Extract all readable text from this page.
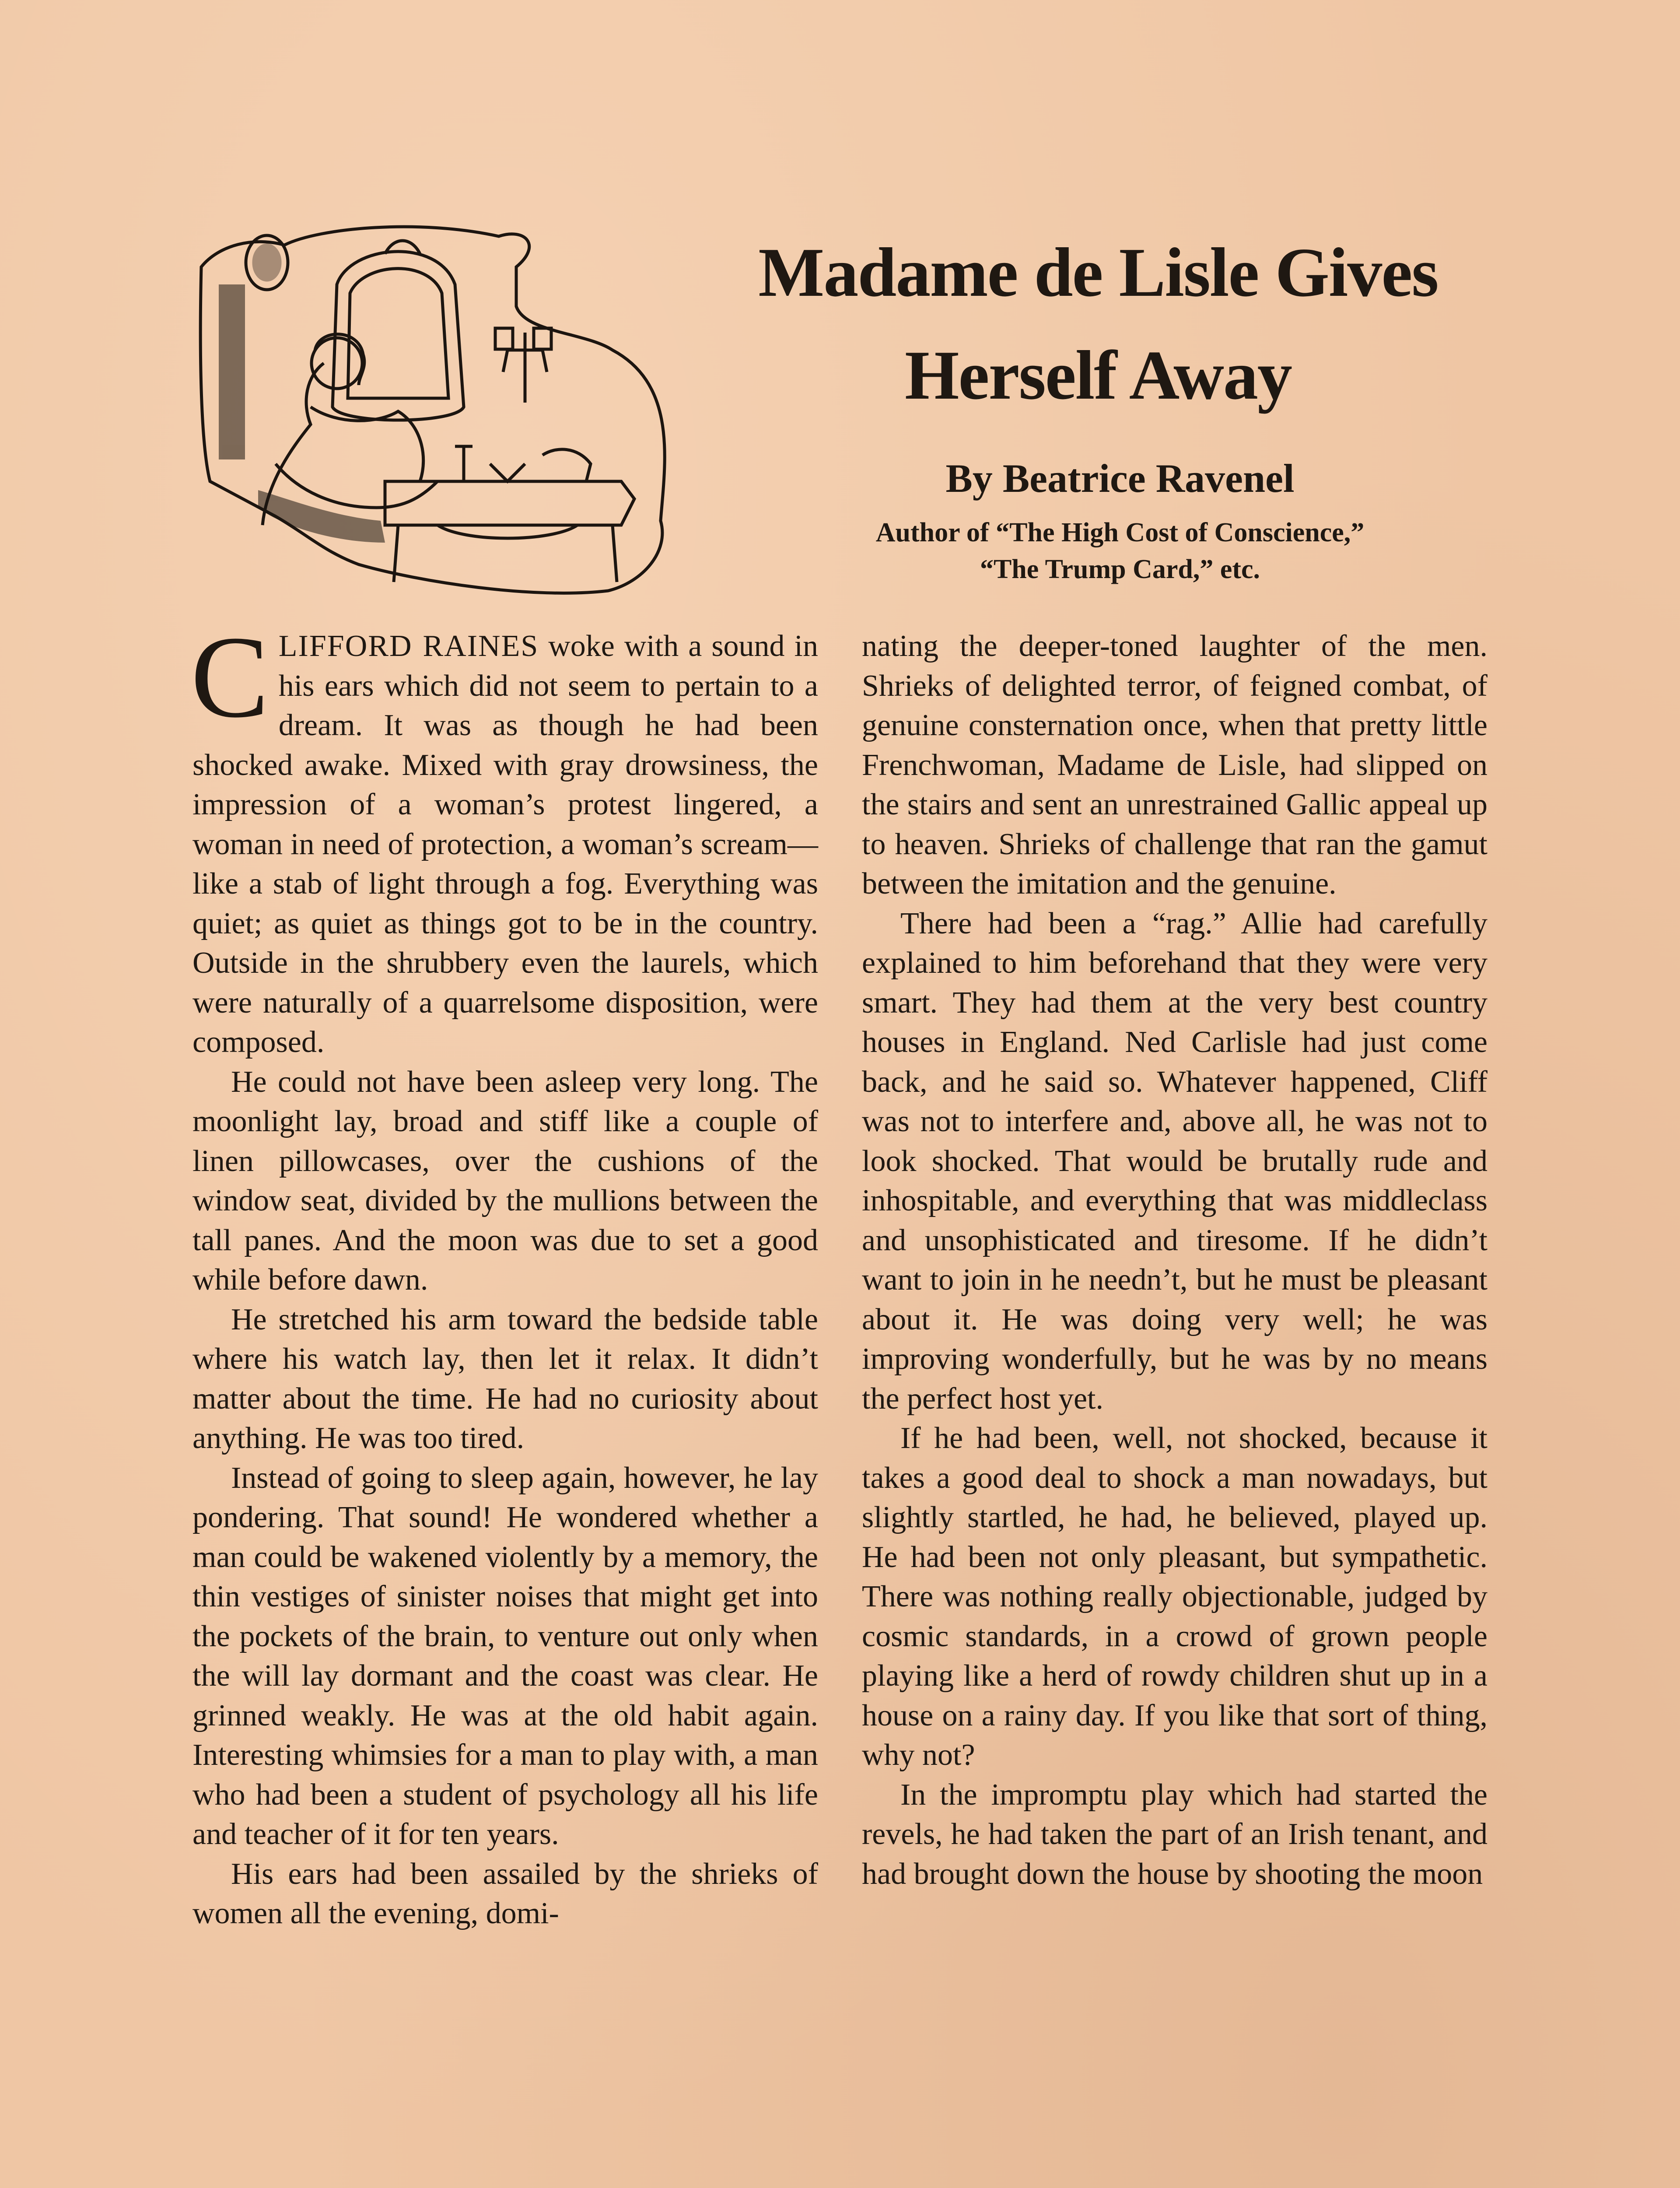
Madame de Lisle Gives
Herself Away
By Beatrice Ravenel
Author of “The High Cost of Conscience,”
“The Trump Card,” etc.

CLIFFORD RAINES woke with a sound in his ears which did not seem to pertain to a dream. It was as though he had been shocked awake. Mixed with gray drowsiness, the impression of a woman’s protest lingered, a woman in need of protection, a woman’s scream—like a stab of light through a fog. Everything was quiet; as quiet as things got to be in the country. Outside in the shrubbery even the laurels, which were naturally of a quarrelsome disposition, were composed.

He could not have been asleep very long. The moonlight lay, broad and stiff like a couple of linen pillowcases, over the cushions of the window seat, divided by the mullions between the tall panes. And the moon was due to set a good while before dawn.

He stretched his arm toward the bedside table where his watch lay, then let it relax. It didn’t matter about the time. He had no curiosity about anything. He was too tired.

Instead of going to sleep again, however, he lay pondering. That sound! He wondered whether a man could be wakened violently by a memory, the thin vestiges of sinister noises that might get into the pockets of the brain, to venture out only when the will lay dormant and the coast was clear. He grinned weakly. He was at the old habit again. Interesting whimsies for a man to play with, a man who had been a student of psychology all his life and teacher of it for ten years.

His ears had been assailed by the shrieks of women all the evening, domi-

nating the deeper-toned laughter of the men. Shrieks of delighted terror, of feigned combat, of genuine consternation once, when that pretty little Frenchwoman, Madame de Lisle, had slipped on the stairs and sent an unrestrained Gallic appeal up to heaven. Shrieks of challenge that ran the gamut between the imitation and the genuine.

There had been a “rag.” Allie had carefully explained to him beforehand that they were very smart. They had them at the very best country houses in England. Ned Carlisle had just come back, and he said so. Whatever happened, Cliff was not to interfere and, above all, he was not to look shocked. That would be brutally rude and inhospitable, and everything that was middleclass and unsophisticated and tiresome. If he didn’t want to join in he needn’t, but he must be pleasant about it. He was doing very well; he was improving wonderfully, but he was by no means the perfect host yet.

If he had been, well, not shocked, because it takes a good deal to shock a man nowadays, but slightly startled, he had, he believed, played up. He had been not only pleasant, but sympathetic. There was nothing really objectionable, judged by cosmic standards, in a crowd of grown people playing like a herd of rowdy children shut up in a house on a rainy day. If you like that sort of thing, why not?

In the impromptu play which had started the revels, he had taken the part of an Irish tenant, and had brought down the house by shooting the moon
